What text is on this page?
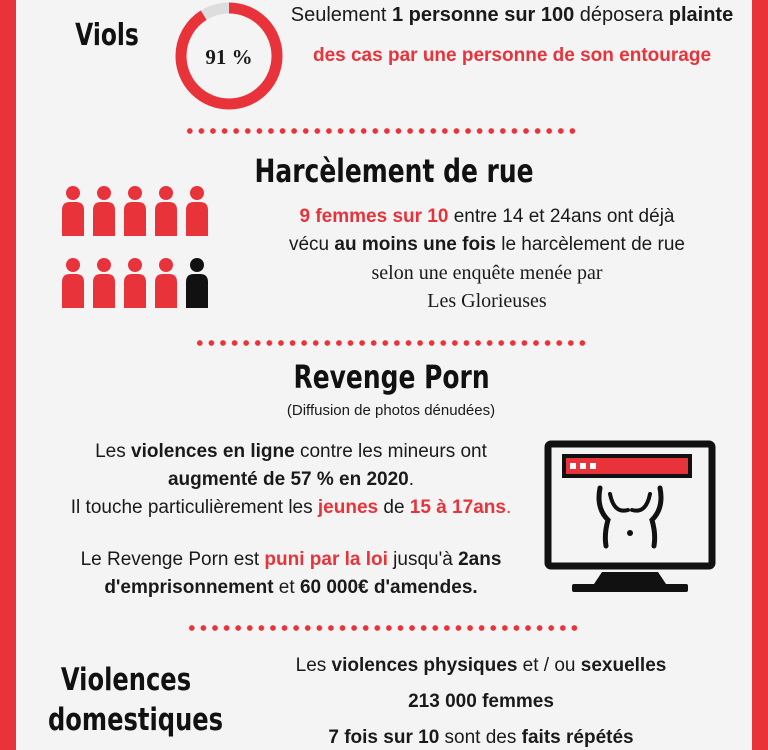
Viols
91 %
Seulement 1 personne sur 100 déposera plainte
des cas par une personne de son entourage
Harcèlement de rue
9 femmes sur 10 entre 14 et 24ans ont déjà
vécu au moins une fois le harcèlement de rue
selon une enquête menée par
Les Glorieuses
Revenge Porn
(Diffusion de photos dénudées)
Les violences en ligne contre les mineurs ont
augmenté de 57 % en 2020.
Il touche particulièrement les jeunes de 15 à 17ans.
Le Revenge Porn est puni par la loi jusqu'à 2ans
d'emprisonnement et 60 000€ d'amendes.
Violences
domestiques
Les violences physiques et / ou sexuelles
213 000 femmes
7 fois sur 10 sont des faits répétés
